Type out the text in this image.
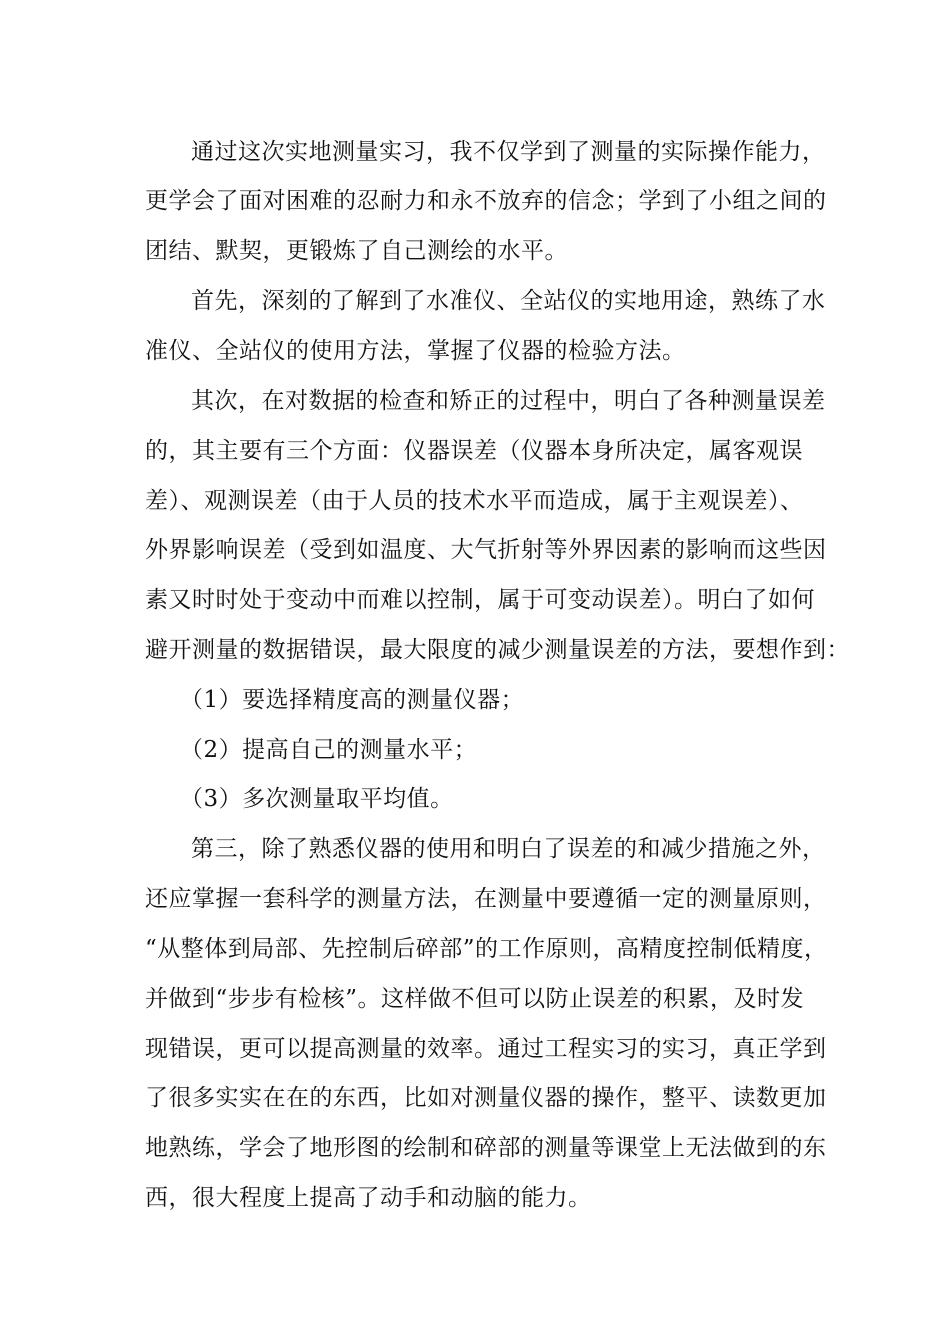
通过这次实地测量实习，我不仅学到了测量的实际操作能力，
更学会了面对困难的忍耐力和永不放弃的信念；学到了小组之间的
团结、默契，更锻炼了自己测绘的水平。
首先，深刻的了解到了水准仪、全站仪的实地用途，熟练了水
准仪、全站仪的使用方法，掌握了仪器的检验方法。
其次，在对数据的检查和矫正的过程中，明白了各种测量误差
的，其主要有三个方面：仪器误差（仪器本身所决定，属客观误
差）、观测误差（由于人员的技术水平而造成，属于主观误差）、
外界影响误差（受到如温度、大气折射等外界因素的影响而这些因
素又时时处于变动中而难以控制，属于可变动误差）。明白了如何
避开测量的数据错误，最大限度的减少测量误差的方法，要想作到：
（1）要选择精度高的测量仪器；
（2）提高自己的测量水平；
（3）多次测量取平均值。
第三，除了熟悉仪器的使用和明白了误差的和减少措施之外，
还应掌握一套科学的测量方法，在测量中要遵循一定的测量原则，
“从整体到局部、先控制后碎部”的工作原则，高精度控制低精度，
并做到“步步有检核”。这样做不但可以防止误差的积累，及时发
现错误，更可以提高测量的效率。通过工程实习的实习，真正学到
了很多实实在在的东西，比如对测量仪器的操作，整平、读数更加
地熟练，学会了地形图的绘制和碎部的测量等课堂上无法做到的东
西，很大程度上提高了动手和动脑的能力。
